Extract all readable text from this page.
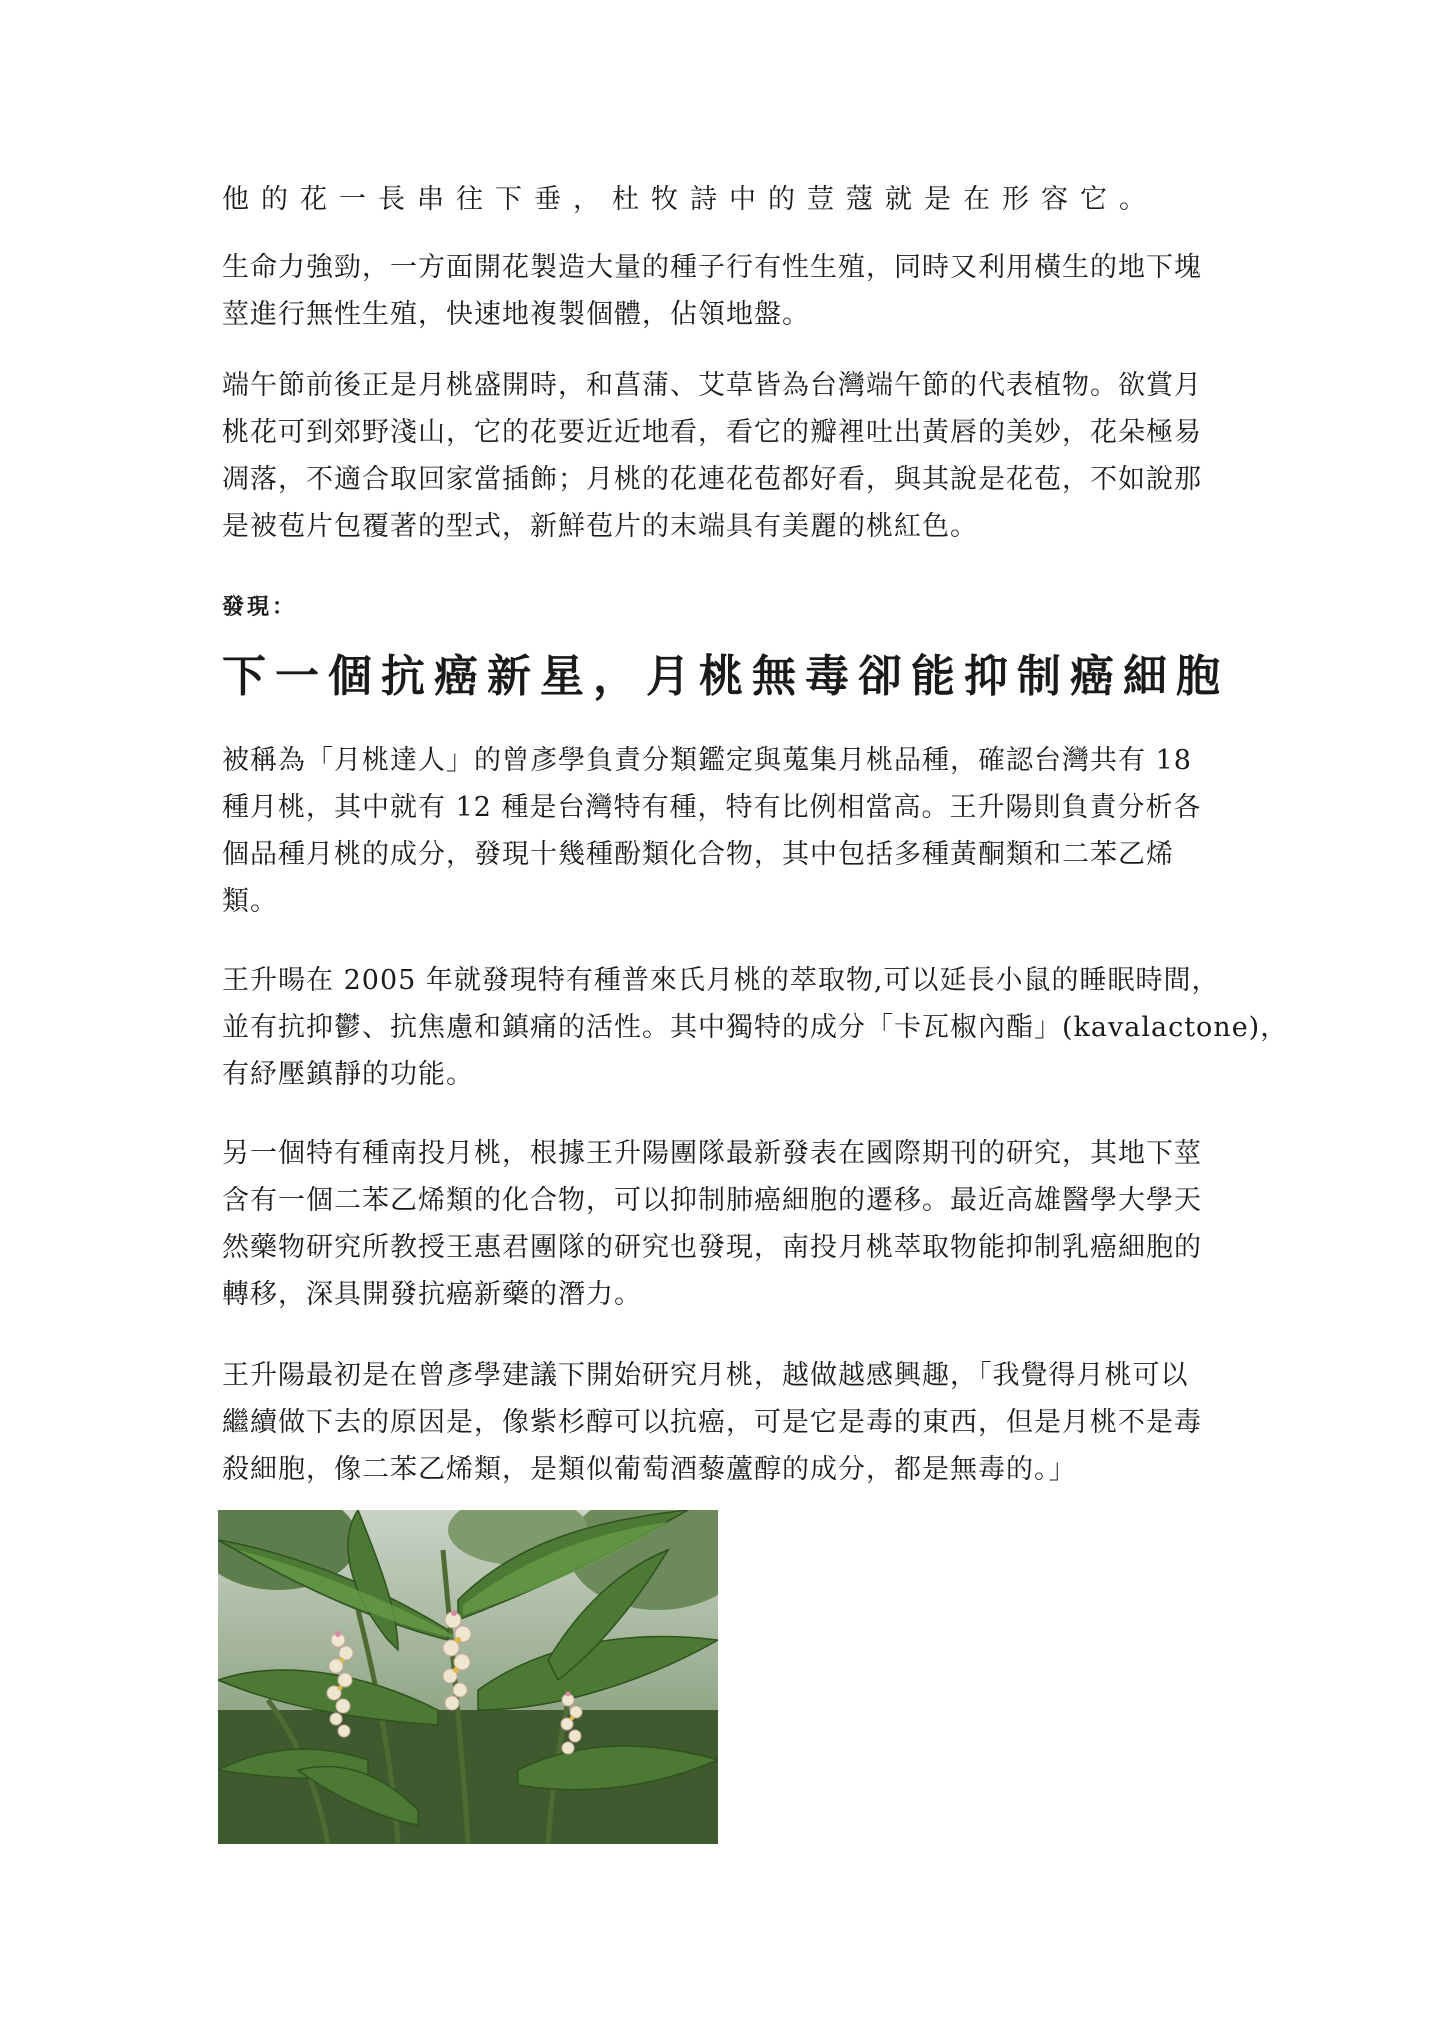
他的花一長串往下垂，杜牧詩中的荳蔻就是在形容它。

生命力強勁，一方面開花製造大量的種子行有性生殖，同時又利用橫生的地下塊
莖進行無性生殖，快速地複製個體，佔領地盤。

端午節前後正是月桃盛開時，和菖蒲、艾草皆為台灣端午節的代表植物。欲賞月
桃花可到郊野淺山，它的花要近近地看，看它的瓣裡吐出黃唇的美妙，花朵極易
凋落，不適合取回家當插飾；月桃的花連花苞都好看，與其說是花苞，不如說那
是被苞片包覆著的型式，新鮮苞片的末端具有美麗的桃紅色。

發現：
下一個抗癌新星，月桃無毒卻能抑制癌細胞

被稱為「月桃達人」的曾彥學負責分類鑑定與蒐集月桃品種，確認台灣共有 18
種月桃，其中就有 12 種是台灣特有種，特有比例相當高。王升陽則負責分析各
個品種月桃的成分，發現十幾種酚類化合物，其中包括多種黃酮類和二苯乙烯
類。

王升暘在 2005 年就發現特有種普來氏月桃的萃取物,可以延長小鼠的睡眠時間，
並有抗抑鬱、抗焦慮和鎮痛的活性。其中獨特的成分「卡瓦椒內酯」(kavalactone)，
有紓壓鎮靜的功能。

另一個特有種南投月桃，根據王升陽團隊最新發表在國際期刊的研究，其地下莖
含有一個二苯乙烯類的化合物，可以抑制肺癌細胞的遷移。最近高雄醫學大學天
然藥物研究所教授王惠君團隊的研究也發現，南投月桃萃取物能抑制乳癌細胞的
轉移，深具開發抗癌新藥的潛力。

王升陽最初是在曾彥學建議下開始研究月桃，越做越感興趣，「我覺得月桃可以
繼續做下去的原因是，像紫杉醇可以抗癌，可是它是毒的東西，但是月桃不是毒
殺細胞，像二苯乙烯類，是類似葡萄酒藜蘆醇的成分，都是無毒的。」
